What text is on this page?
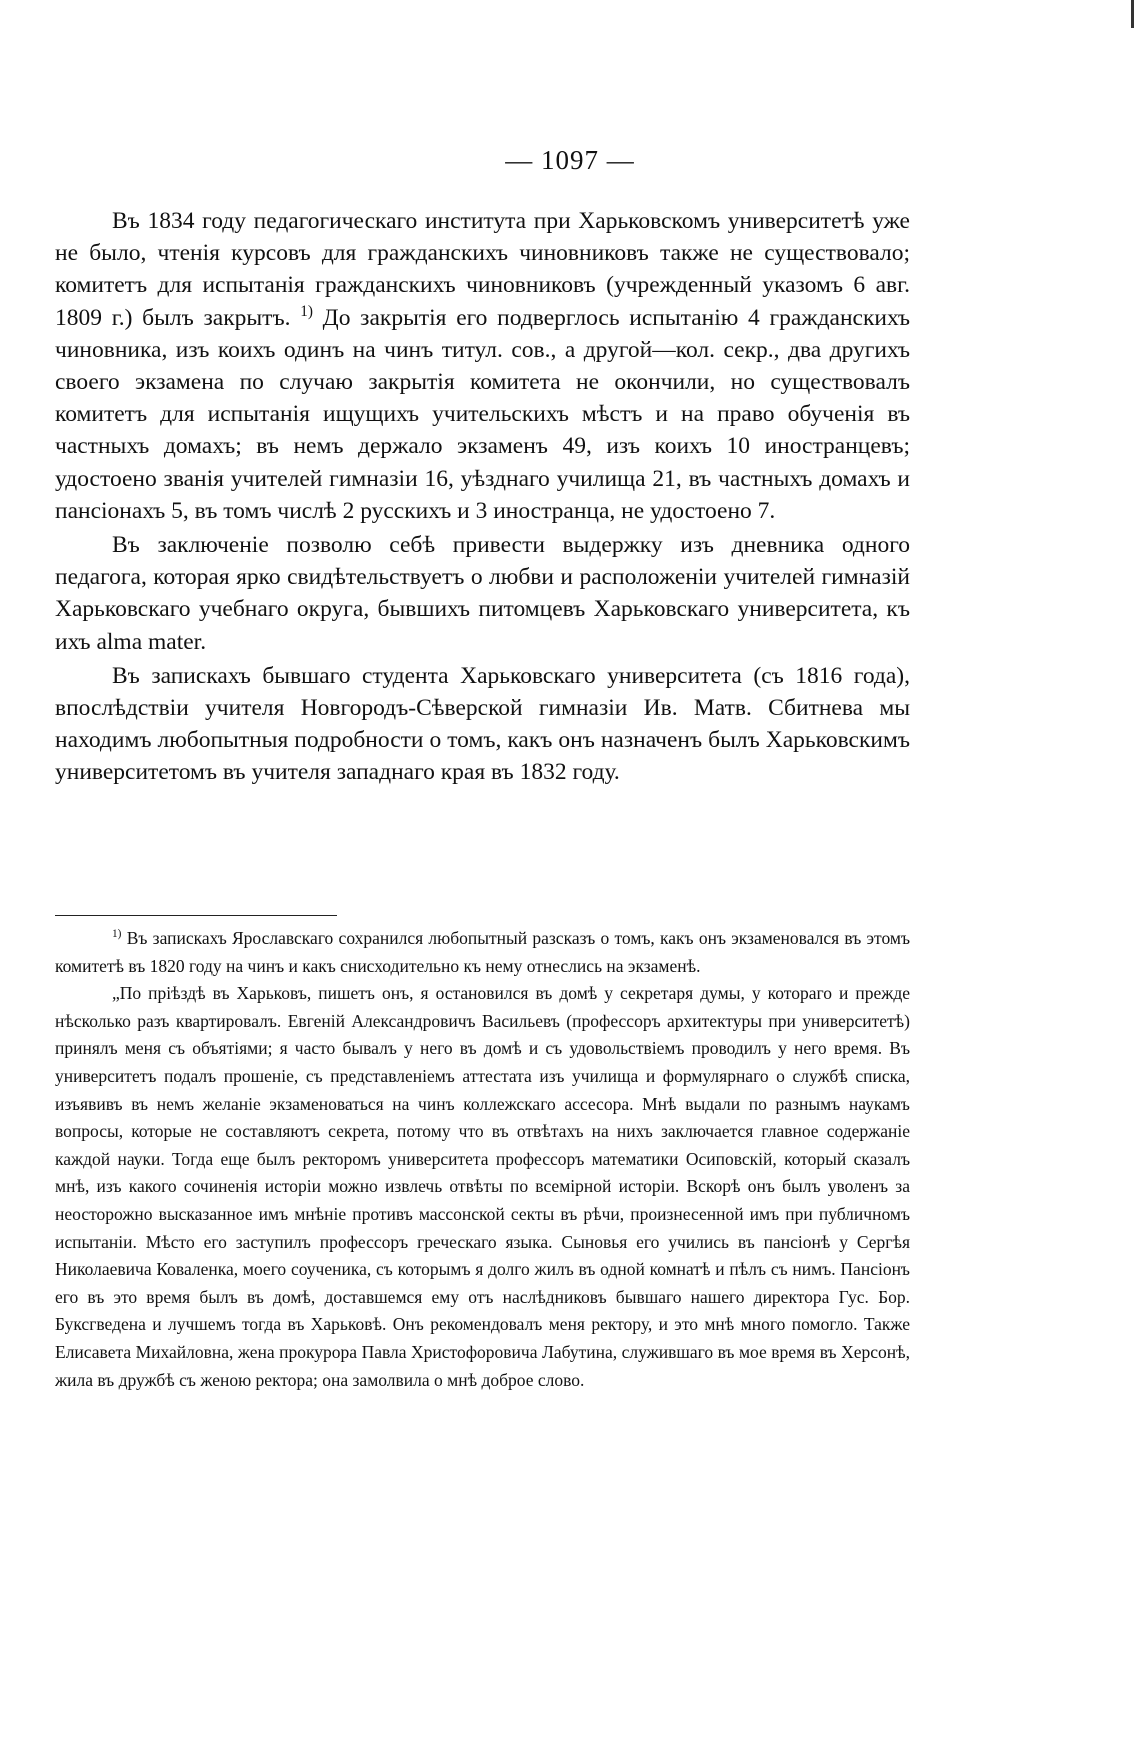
— 1097 —

Въ 1834 году педагогическаго института при Харьковскомъ университетѣ уже не было, чтенія курсовъ для гражданскихъ чиновниковъ также не существовало; комитетъ для испытанія гражданскихъ чиновниковъ (учрежденный указомъ 6 авг. 1809 г.) былъ закрытъ. $^{1)}$ До закрытія его подверглось испытанію 4 гражданскихъ чиновника, изъ коихъ одинъ на чинъ титул. сов., а другой—кол. секр., два другихъ своего экзамена по случаю закрытія комитета не окончили, но существовалъ комитетъ для испытанія ищущихъ учительскихъ мѣстъ и на право обученія въ частныхъ домахъ; въ немъ держало экзаменъ 49, изъ коихъ 10 иностранцевъ; удостоено званія учителей гимназіи 16, уѣзднаго училища 21, въ частныхъ домахъ и пансіонахъ 5, въ томъ числѣ 2 русскихъ и 3 иностранца, не удостоено 7.

Въ заключеніе позволю себѣ привести выдержку изъ дневника одного педагога, которая ярко свидѣтельствуетъ о любви и расположеніи учителей гимназій Харьковскаго учебнаго округа, бывшихъ питомцевъ Харьковскаго университета, къ ихъ alma mater.

Въ запискахъ бывшаго студента Харьковскаго университета (съ 1816 года), впослѣдствіи учителя Новгородъ-Сѣверской гимназіи Ив. Матв. Сбитнева мы находимъ любопытныя подробности о томъ, какъ онъ назначенъ былъ Харьковскимъ университетомъ въ учителя западнаго края въ 1832 году.

$^{1)}$ Въ запискахъ Ярославскаго сохранился любопытный разсказъ о томъ, какъ онъ экзаменовался въ этомъ комитетѣ въ 1820 году на чинъ и какъ снисходительно къ нему отнеслись на экзаменѣ.

„По пріѣздѣ въ Харьковъ, пишетъ онъ, я остановился въ домѣ у секретаря думы, у котораго и прежде нѣсколько разъ квартировалъ. Евгеній Александровичъ Васильевъ (профессоръ архитектуры при университетѣ) принялъ меня съ объятіями; я часто бывалъ у него въ домѣ и съ удовольствіемъ проводилъ у него время. Въ университетъ подалъ прошеніе, съ представленіемъ аттестата изъ училища и формулярнаго о службѣ списка, изъявивъ въ немъ желаніе экзаменоваться на чинъ коллежскаго ассесора. Мнѣ выдали по разнымъ наукамъ вопросы, которые не составляютъ секрета, потому что въ отвѣтахъ на нихъ заключается главное содержаніе каждой науки. Тогда еще былъ ректоромъ университета профессоръ математики Осиповскій, который сказалъ мнѣ, изъ какого сочиненія исторіи можно извлечь отвѣты по всемірной исторіи. Вскорѣ онъ былъ уволенъ за неосторожно высказанное имъ мнѣніе противъ массонской секты въ рѣчи, произнесенной имъ при публичномъ испытаніи. Мѣсто его заступилъ профессоръ греческаго языка. Сыновья его учились въ пансіонѣ у Сергѣя Николаевича Коваленка, моего соученика, съ которымъ я долго жилъ въ одной комнатѣ и пѣлъ съ нимъ. Пансіонъ его въ это время былъ въ домѣ, доставшемся ему отъ наслѣдниковъ бывшаго нашего директора Гус. Бор. Буксгведена и лучшемъ тогда въ Харьковѣ. Онъ рекомендовалъ меня ректору, и это мнѣ много помогло. Также Елисавета Михайловна, жена прокурора Павла Христофоровича Лабутина, служившаго въ мое время въ Херсонѣ, жила въ дружбѣ съ женою ректора; она замолвила о мнѣ доброе слово.
